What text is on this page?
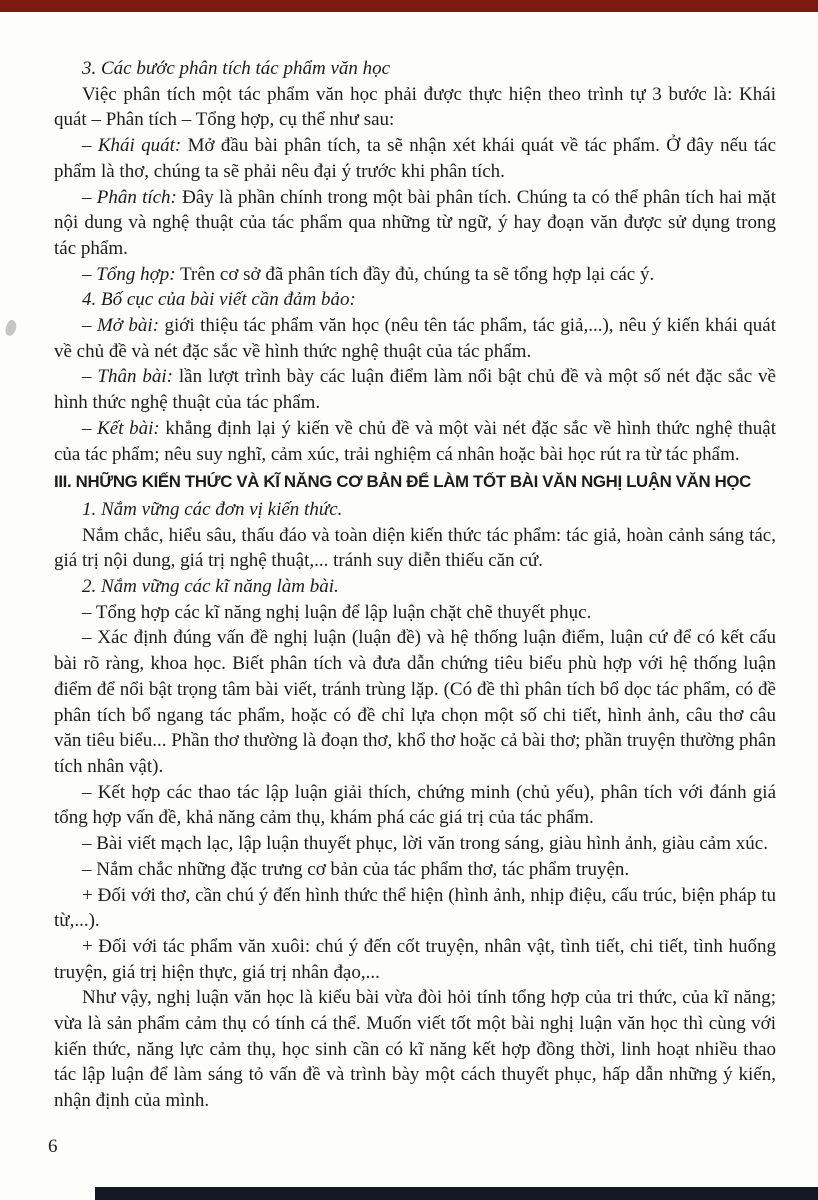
3. Các bước phân tích tác phẩm văn học

Việc phân tích một tác phẩm văn học phải được thực hiện theo trình tự 3 bước là: Khái quát – Phân tích – Tổng hợp, cụ thể như sau:

– Khái quát: Mở đầu bài phân tích, ta sẽ nhận xét khái quát về tác phẩm. Ở đây nếu tác phẩm là thơ, chúng ta sẽ phải nêu đại ý trước khi phân tích.

– Phân tích: Đây là phần chính trong một bài phân tích. Chúng ta có thể phân tích hai mặt nội dung và nghệ thuật của tác phẩm qua những từ ngữ, ý hay đoạn văn được sử dụng trong tác phẩm.

– Tổng hợp: Trên cơ sở đã phân tích đầy đủ, chúng ta sẽ tổng hợp lại các ý.

4. Bố cục của bài viết cần đảm bảo:

– Mở bài: giới thiệu tác phẩm văn học (nêu tên tác phẩm, tác giả,...), nêu ý kiến khái quát về chủ đề và nét đặc sắc về hình thức nghệ thuật của tác phẩm.

– Thân bài: lần lượt trình bày các luận điểm làm nổi bật chủ đề và một số nét đặc sắc về hình thức nghệ thuật của tác phẩm.

– Kết bài: khẳng định lại ý kiến về chủ đề và một vài nét đặc sắc về hình thức nghệ thuật của tác phẩm; nêu suy nghĩ, cảm xúc, trải nghiệm cá nhân hoặc bài học rút ra từ tác phẩm.

III. NHỮNG KIẾN THỨC VÀ KĨ NĂNG CƠ BẢN ĐỂ LÀM TỐT BÀI VĂN NGHỊ LUẬN VĂN HỌC

1. Nắm vững các đơn vị kiến thức.

Nắm chắc, hiểu sâu, thấu đáo và toàn diện kiến thức tác phẩm: tác giả, hoàn cảnh sáng tác, giá trị nội dung, giá trị nghệ thuật,... tránh suy diễn thiếu căn cứ.

2. Nắm vững các kĩ năng làm bài.

– Tổng hợp các kĩ năng nghị luận để lập luận chặt chẽ thuyết phục.

– Xác định đúng vấn đề nghị luận (luận đề) và hệ thống luận điểm, luận cứ để có kết cấu bài rõ ràng, khoa học. Biết phân tích và đưa dẫn chứng tiêu biểu phù hợp với hệ thống luận điểm để nổi bật trọng tâm bài viết, tránh trùng lặp. (Có đề thì phân tích bổ dọc tác phẩm, có đề phân tích bổ ngang tác phẩm, hoặc có đề chỉ lựa chọn một số chi tiết, hình ảnh, câu thơ câu văn tiêu biểu... Phần thơ thường là đoạn thơ, khổ thơ hoặc cả bài thơ; phần truyện thường phân tích nhân vật).

– Kết hợp các thao tác lập luận giải thích, chứng minh (chủ yếu), phân tích với đánh giá tổng hợp vấn đề, khả năng cảm thụ, khám phá các giá trị của tác phẩm.

– Bài viết mạch lạc, lập luận thuyết phục, lời văn trong sáng, giàu hình ảnh, giàu cảm xúc.

– Nắm chắc những đặc trưng cơ bản của tác phẩm thơ, tác phẩm truyện.

+ Đối với thơ, cần chú ý đến hình thức thể hiện (hình ảnh, nhịp điệu, cấu trúc, biện pháp tu từ,...).

+ Đối với tác phẩm văn xuôi: chú ý đến cốt truyện, nhân vật, tình tiết, chi tiết, tình huống truyện, giá trị hiện thực, giá trị nhân đạo,...

Như vậy, nghị luận văn học là kiểu bài vừa đòi hỏi tính tổng hợp của tri thức, của kĩ năng; vừa là sản phẩm cảm thụ có tính cá thể. Muốn viết tốt một bài nghị luận văn học thì cùng với kiến thức, năng lực cảm thụ, học sinh cần có kĩ năng kết hợp đồng thời, linh hoạt nhiều thao tác lập luận để làm sáng tỏ vấn đề và trình bày một cách thuyết phục, hấp dẫn những ý kiến, nhận định của mình.

6
